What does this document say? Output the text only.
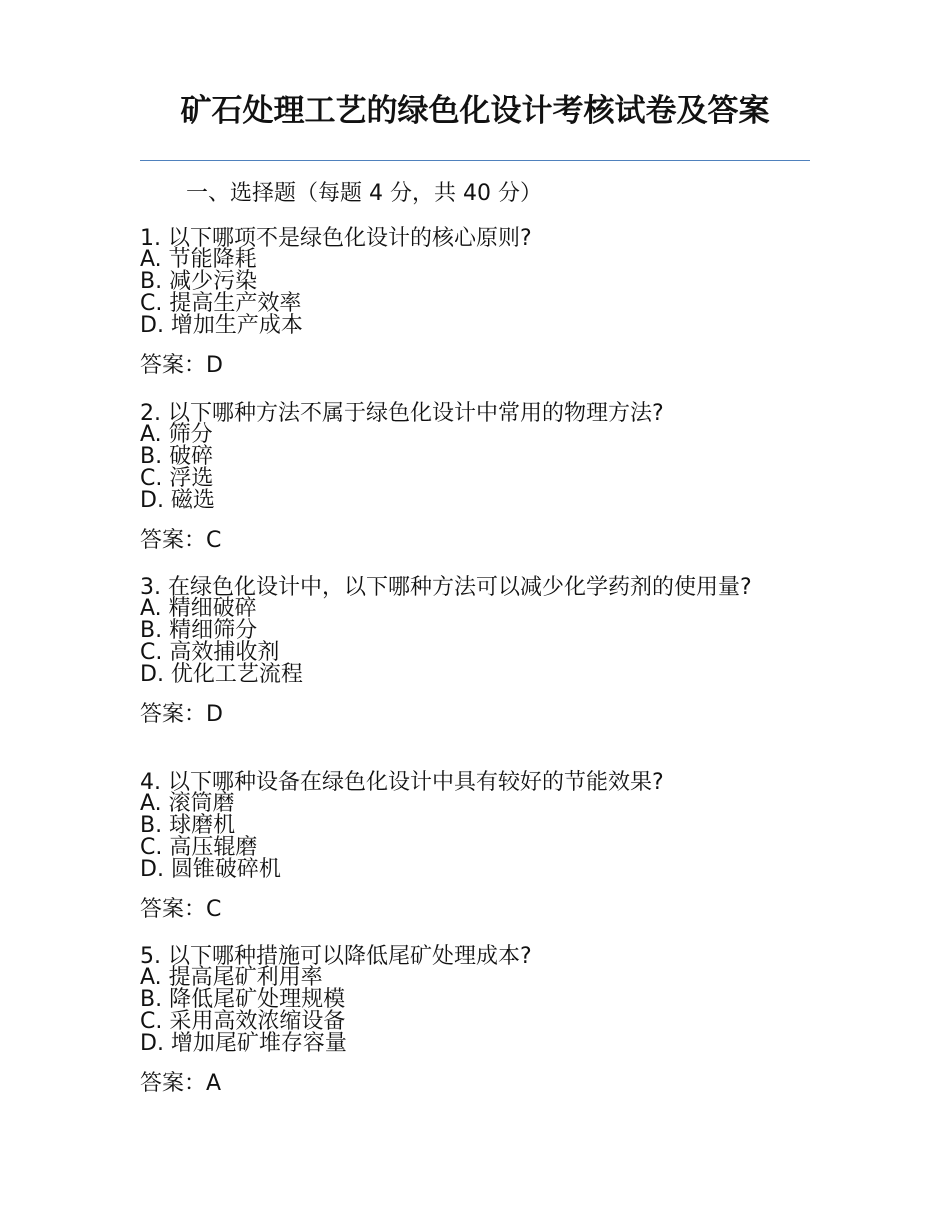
矿石处理工艺的绿色化设计考核试卷及答案

一、选择题（每题 4 分，共 40 分）

1. 以下哪项不是绿色化设计的核心原则?

A. 节能降耗

B. 减少污染

C. 提高生产效率

D. 增加生产成本

答案：D

2. 以下哪种方法不属于绿色化设计中常用的物理方法?

A. 筛分

B. 破碎

C. 浮选

D. 磁选

答案：C

3. 在绿色化设计中，以下哪种方法可以减少化学药剂的使用量?

A. 精细破碎

B. 精细筛分

C. 高效捕收剂

D. 优化工艺流程

答案：D

4. 以下哪种设备在绿色化设计中具有较好的节能效果?

A. 滚筒磨

B. 球磨机

C. 高压辊磨

D. 圆锥破碎机

答案：C

5. 以下哪种措施可以降低尾矿处理成本?

A. 提高尾矿利用率

B. 降低尾矿处理规模

C. 采用高效浓缩设备

D. 增加尾矿堆存容量

答案：A
